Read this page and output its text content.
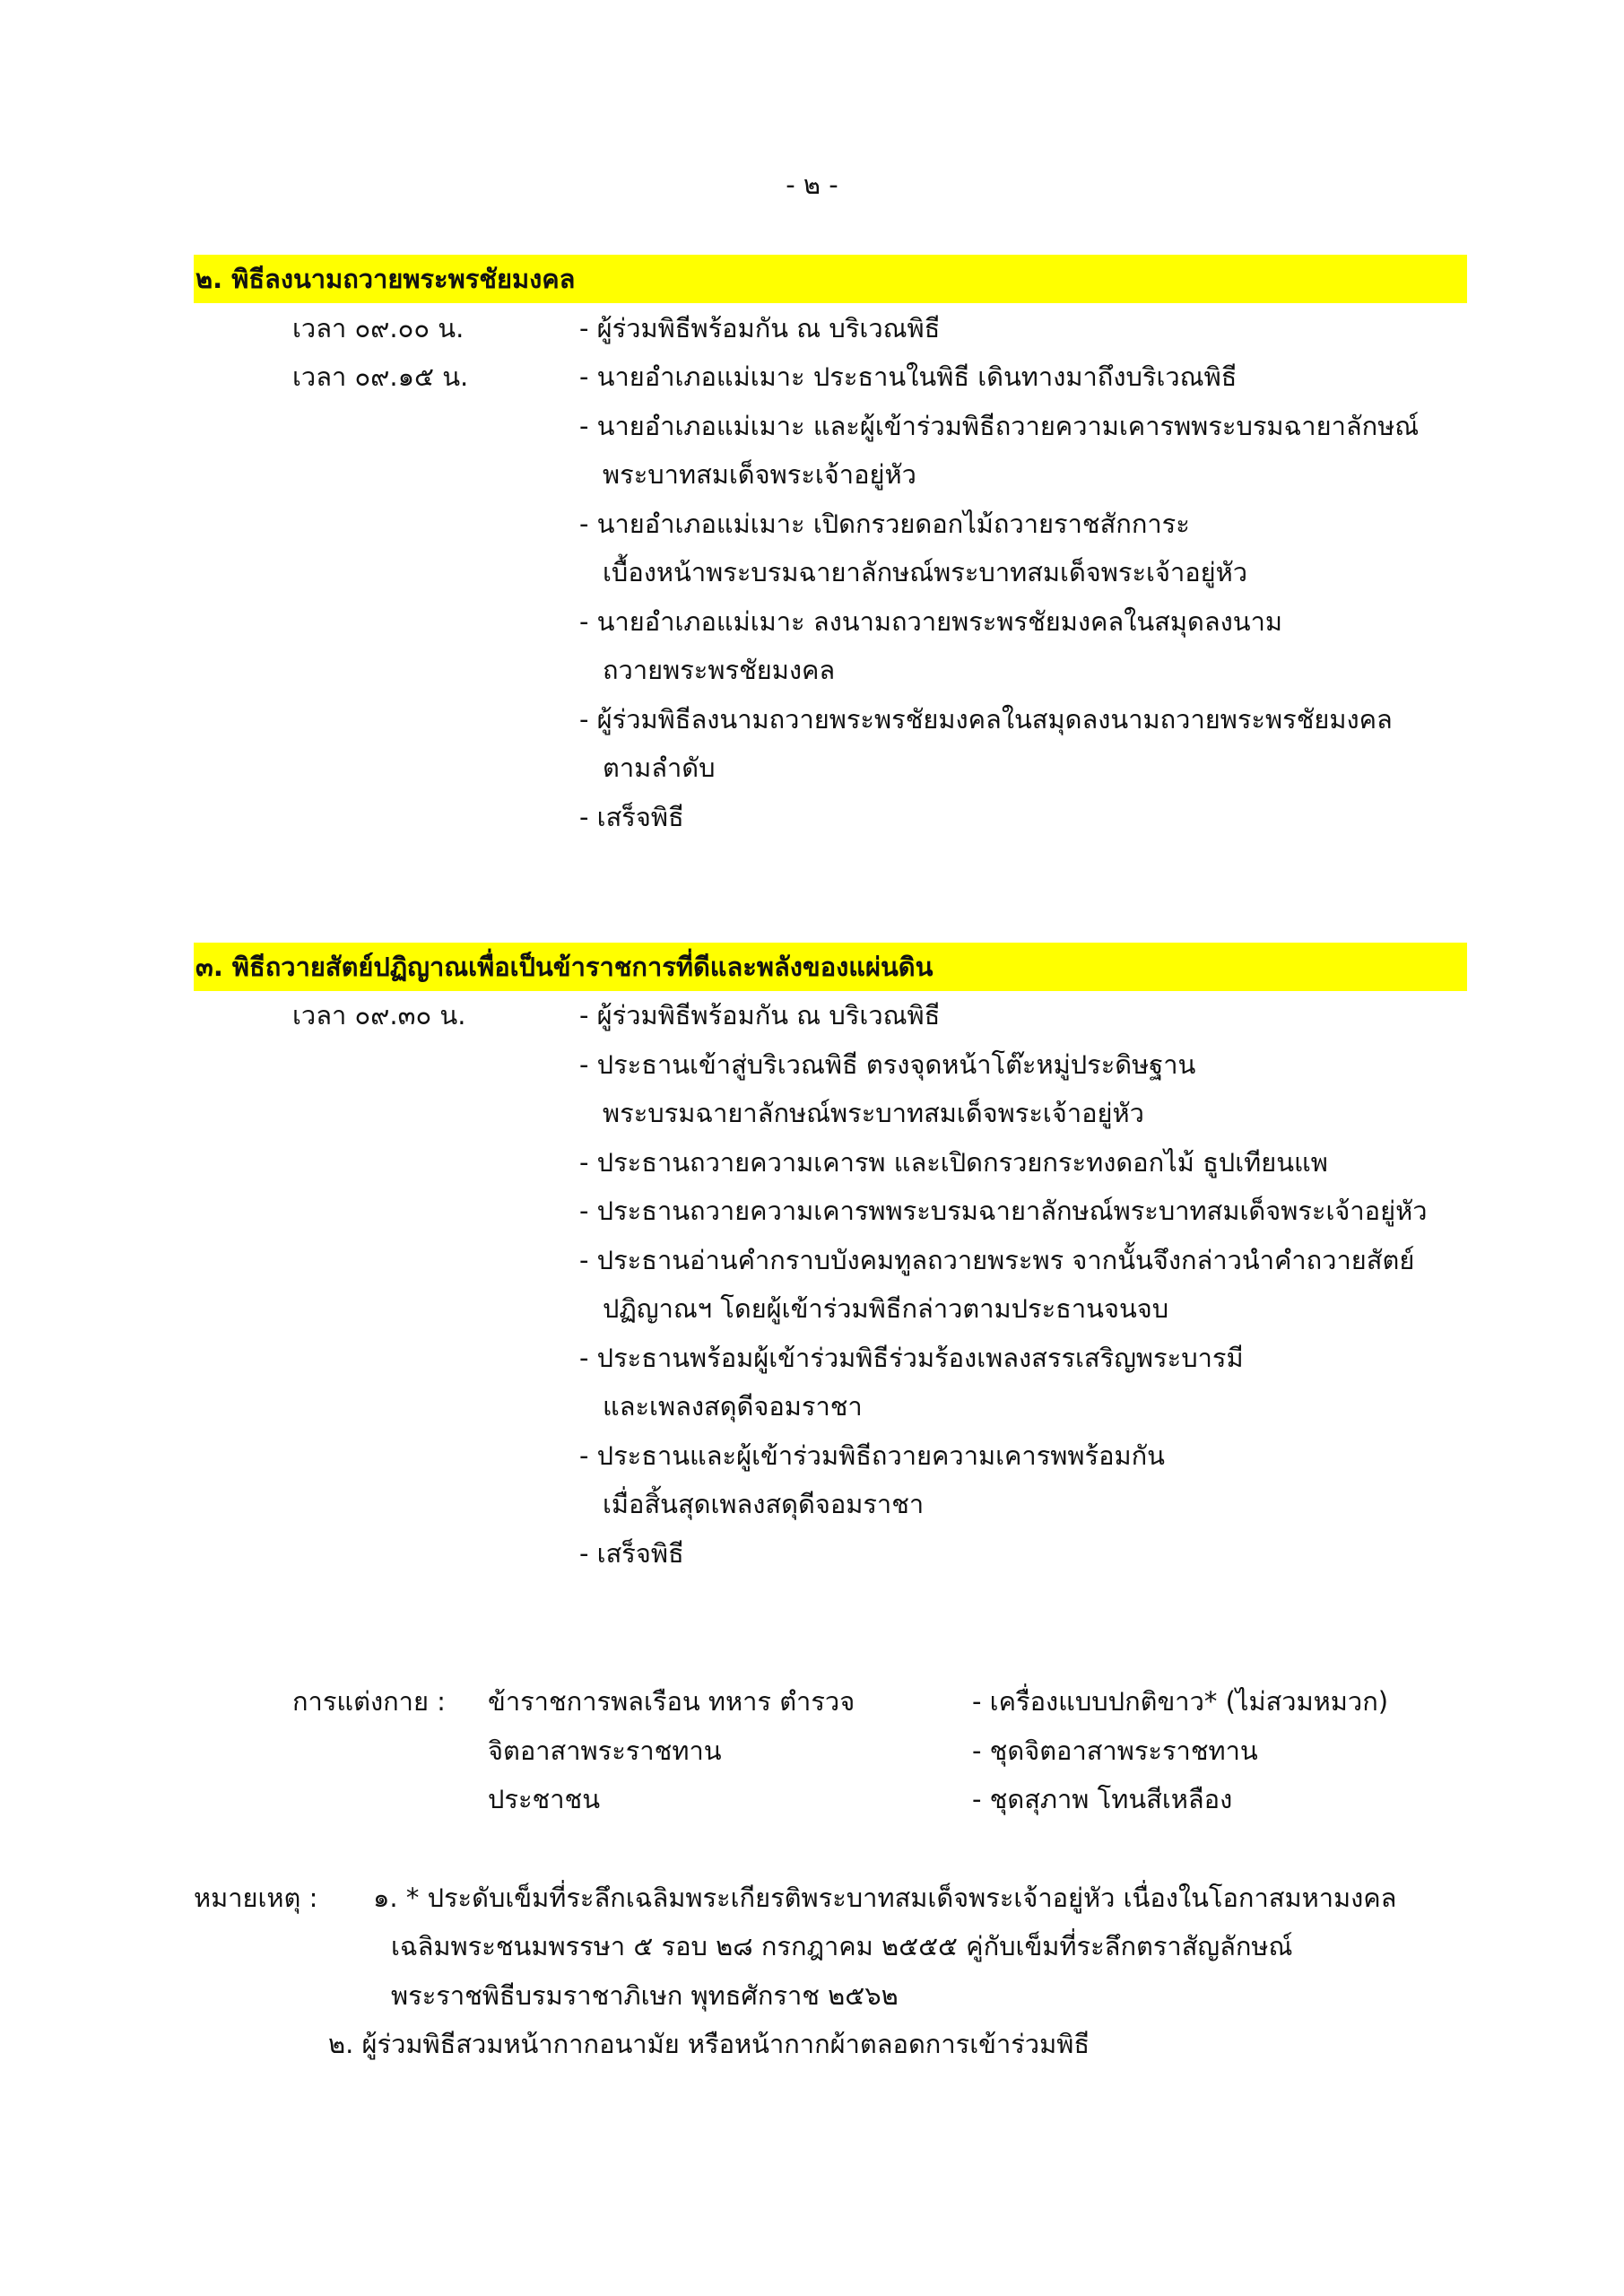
- ๒ -
๒. พิธีลงนามถวายพระพรชัยมงคล
เวลา ๐๙.๐๐ น.	- ผู้ร่วมพิธีพร้อมกัน ณ บริเวณพิธี
เวลา ๐๙.๑๕ น.	- นายอำเภอแม่เมาะ ประธานในพิธี เดินทางมาถึงบริเวณพิธี
- นายอำเภอแม่เมาะ และผู้เข้าร่วมพิธีถวายความเคารพพระบรมฉายาลักษณ์
พระบาทสมเด็จพระเจ้าอยู่หัว
- นายอำเภอแม่เมาะ เปิดกรวยดอกไม้ถวายราชสักการะ
เบื้องหน้าพระบรมฉายาลักษณ์พระบาทสมเด็จพระเจ้าอยู่หัว
- นายอำเภอแม่เมาะ ลงนามถวายพระพรชัยมงคลในสมุดลงนาม
ถวายพระพรชัยมงคล
- ผู้ร่วมพิธีลงนามถวายพระพรชัยมงคลในสมุดลงนามถวายพระพรชัยมงคล
ตามลำดับ
- เสร็จพิธี
๓. พิธีถวายสัตย์ปฏิญาณเพื่อเป็นข้าราชการที่ดีและพลังของแผ่นดิน
เวลา ๐๙.๓๐ น.	- ผู้ร่วมพิธีพร้อมกัน ณ บริเวณพิธี
- ประธานเข้าสู่บริเวณพิธี ตรงจุดหน้าโต๊ะหมู่ประดิษฐาน
พระบรมฉายาลักษณ์พระบาทสมเด็จพระเจ้าอยู่หัว
- ประธานถวายความเคารพ และเปิดกรวยกระทงดอกไม้ ธูปเทียนแพ
- ประธานถวายความเคารพพระบรมฉายาลักษณ์พระบาทสมเด็จพระเจ้าอยู่หัว
- ประธานอ่านคำกราบบังคมทูลถวายพระพร จากนั้นจึงกล่าวนำคำถวายสัตย์
ปฏิญาณฯ โดยผู้เข้าร่วมพิธีกล่าวตามประธานจนจบ
- ประธานพร้อมผู้เข้าร่วมพิธีร่วมร้องเพลงสรรเสริญพระบารมี
และเพลงสดุดีจอมราชา
- ประธานและผู้เข้าร่วมพิธีถวายความเคารพพร้อมกัน
เมื่อสิ้นสุดเพลงสดุดีจอมราชา
- เสร็จพิธี
การแต่งกาย : ข้าราชการพลเรือน ทหาร ตำรวจ	- เครื่องแบบปกติขาว* (ไม่สวมหมวก)
จิตอาสาพระราชทาน	- ชุดจิตอาสาพระราชทาน
ประชาชน	- ชุดสุภาพ โทนสีเหลือง
หมายเหตุ : ๑. * ประดับเข็มที่ระลึกเฉลิมพระเกียรติพระบาทสมเด็จพระเจ้าอยู่หัว เนื่องในโอกาสมหามงคล
เฉลิมพระชนมพรรษา ๕ รอบ ๒๘ กรกฎาคม ๒๕๕๕ คู่กับเข็มที่ระลึกตราสัญลักษณ์
พระราชพิธีบรมราชาภิเษก พุทธศักราช ๒๕๖๒
๒. ผู้ร่วมพิธีสวมหน้ากากอนามัย หรือหน้ากากผ้าตลอดการเข้าร่วมพิธี
